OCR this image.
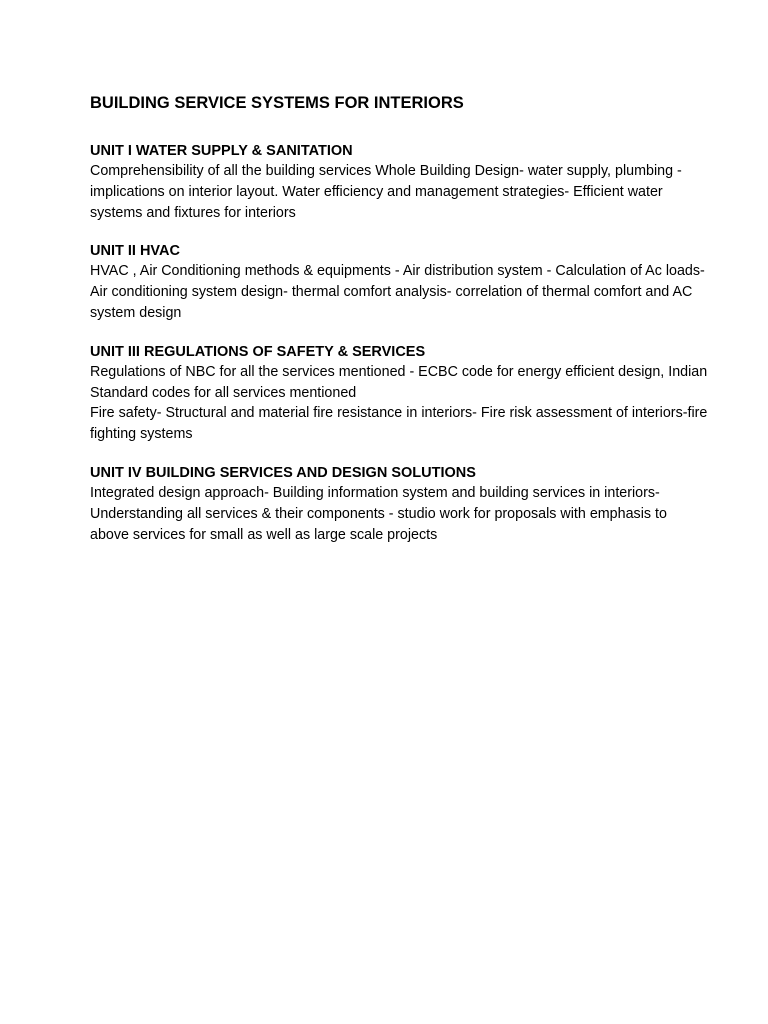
BUILDING SERVICE SYSTEMS FOR INTERIORS
UNIT I WATER SUPPLY & SANITATION
Comprehensibility of all the building services Whole Building Design- water supply, plumbing - implications on interior layout. Water efficiency and management strategies- Efficient water systems and fixtures for interiors
UNIT II HVAC
HVAC , Air Conditioning methods & equipments - Air distribution system - Calculation of Ac loads- Air conditioning system design- thermal comfort analysis- correlation of thermal comfort and AC system design
UNIT III REGULATIONS OF SAFETY & SERVICES
Regulations of NBC for all the services mentioned - ECBC code for energy efficient design, Indian Standard codes for all services mentioned
Fire safety- Structural and material fire resistance in interiors- Fire risk assessment of interiors-fire fighting systems
UNIT IV BUILDING SERVICES AND DESIGN SOLUTIONS
Integrated design approach- Building information system and building services in interiors- Understanding all services & their components - studio work for proposals with emphasis to above services for small as well as large scale projects
